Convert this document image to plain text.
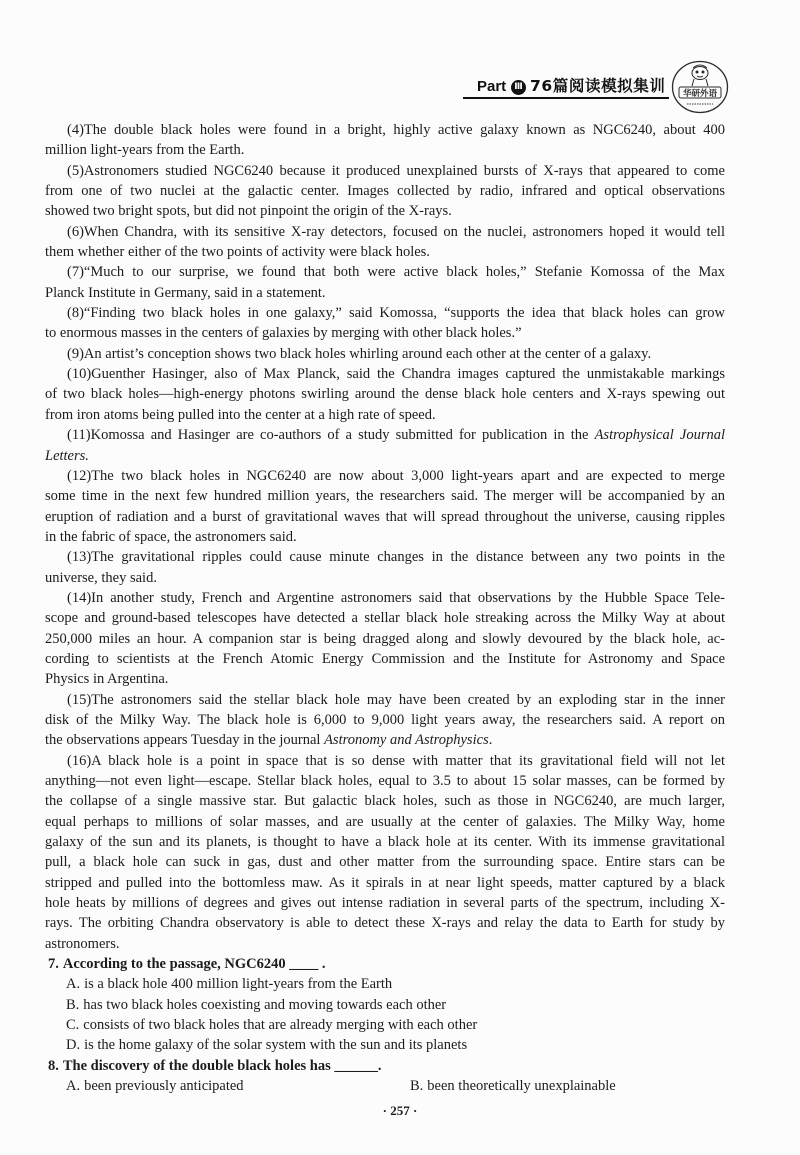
Part Ⅲ 76篇阅读模拟集训 华研外语
(4)The double black holes were found in a bright, highly active galaxy known as NGC6240, about 400
million light-years from the Earth.
(5)Astronomers studied NGC6240 because it produced unexplained bursts of X-rays that appeared to come
from one of two nuclei at the galactic center. Images collected by radio, infrared and optical observations
showed two bright spots, but did not pinpoint the origin of the X-rays.
(6)When Chandra, with its sensitive X-ray detectors, focused on the nuclei, astronomers hoped it would tell
them whether either of the two points of activity were black holes.
(7)“Much to our surprise, we found that both were active black holes,” Stefanie Komossa of the Max
Planck Institute in Germany, said in a statement.
(8)“Finding two black holes in one galaxy,” said Komossa, “supports the idea that black holes can grow
to enormous masses in the centers of galaxies by merging with other black holes.”
(9)An artist’s conception shows two black holes whirling around each other at the center of a galaxy.
(10)Guenther Hasinger, also of Max Planck, said the Chandra images captured the unmistakable markings
of two black holes—high-energy photons swirling around the dense black hole centers and X-rays spewing out
from iron atoms being pulled into the center at a high rate of speed.
(11)Komossa and Hasinger are co-authors of a study submitted for publication in the Astrophysical Journal
Letters.
(12)The two black holes in NGC6240 are now about 3,000 light-years apart and are expected to merge
some time in the next few hundred million years, the researchers said. The merger will be accompanied by an
eruption of radiation and a burst of gravitational waves that will spread throughout the universe, causing ripples
in the fabric of space, the astronomers said.
(13)The gravitational ripples could cause minute changes in the distance between any two points in the
universe, they said.
(14)In another study, French and Argentine astronomers said that observations by the Hubble Space Tele-
scope and ground-based telescopes have detected a stellar black hole streaking across the Milky Way at about
250,000 miles an hour. A companion star is being dragged along and slowly devoured by the black hole, ac-
cording to scientists at the French Atomic Energy Commission and the Institute for Astronomy and Space
Physics in Argentina.
(15)The astronomers said the stellar black hole may have been created by an exploding star in the inner
disk of the Milky Way. The black hole is 6,000 to 9,000 light years away, the researchers said. A report on
the observations appears Tuesday in the journal Astronomy and Astrophysics.
(16)A black hole is a point in space that is so dense with matter that its gravitational field will not let
anything—not even light—escape. Stellar black holes, equal to 3.5 to about 15 solar masses, can be formed by
the collapse of a single massive star. But galactic black holes, such as those in NGC6240, are much larger,
equal perhaps to millions of solar masses, and are usually at the center of galaxies. The Milky Way, home
galaxy of the sun and its planets, is thought to have a black hole at its center. With its immense gravitational
pull, a black hole can suck in gas, dust and other matter from the surrounding space. Entire stars can be
stripped and pulled into the bottomless maw. As it spirals in at near light speeds, matter captured by a black
hole heats by millions of degrees and gives out intense radiation in several parts of the spectrum, including X-
rays. The orbiting Chandra observatory is able to detect these X-rays and relay the data to Earth for study by
astronomers.
7. According to the passage, NGC6240 ____ .
A. is a black hole 400 million light-years from the Earth
B. has two black holes coexisting and moving towards each other
C. consists of two black holes that are already merging with each other
D. is the home galaxy of the solar system with the sun and its planets
8. The discovery of the double black holes has ______.
A. been previously anticipated	B. been theoretically unexplainable
· 257 ·
